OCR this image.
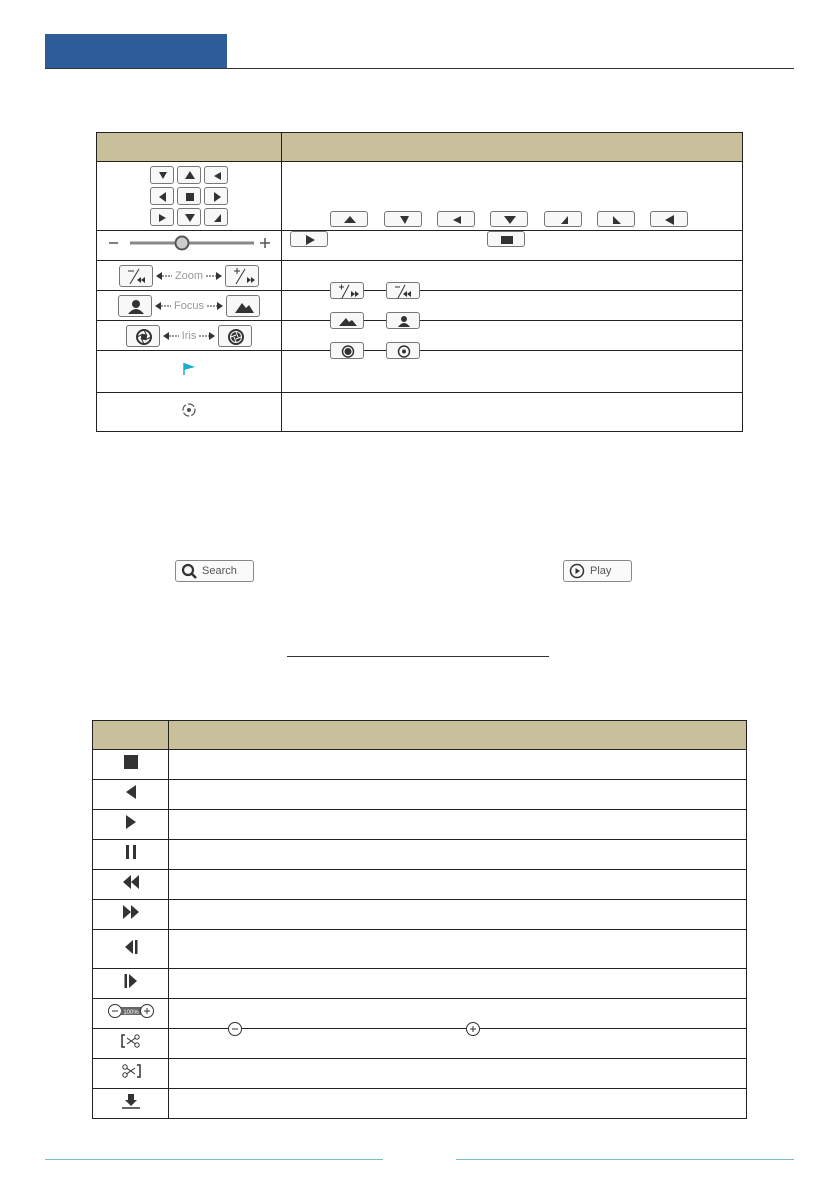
Zoom

Focus

Iris

Search	Play

100%
